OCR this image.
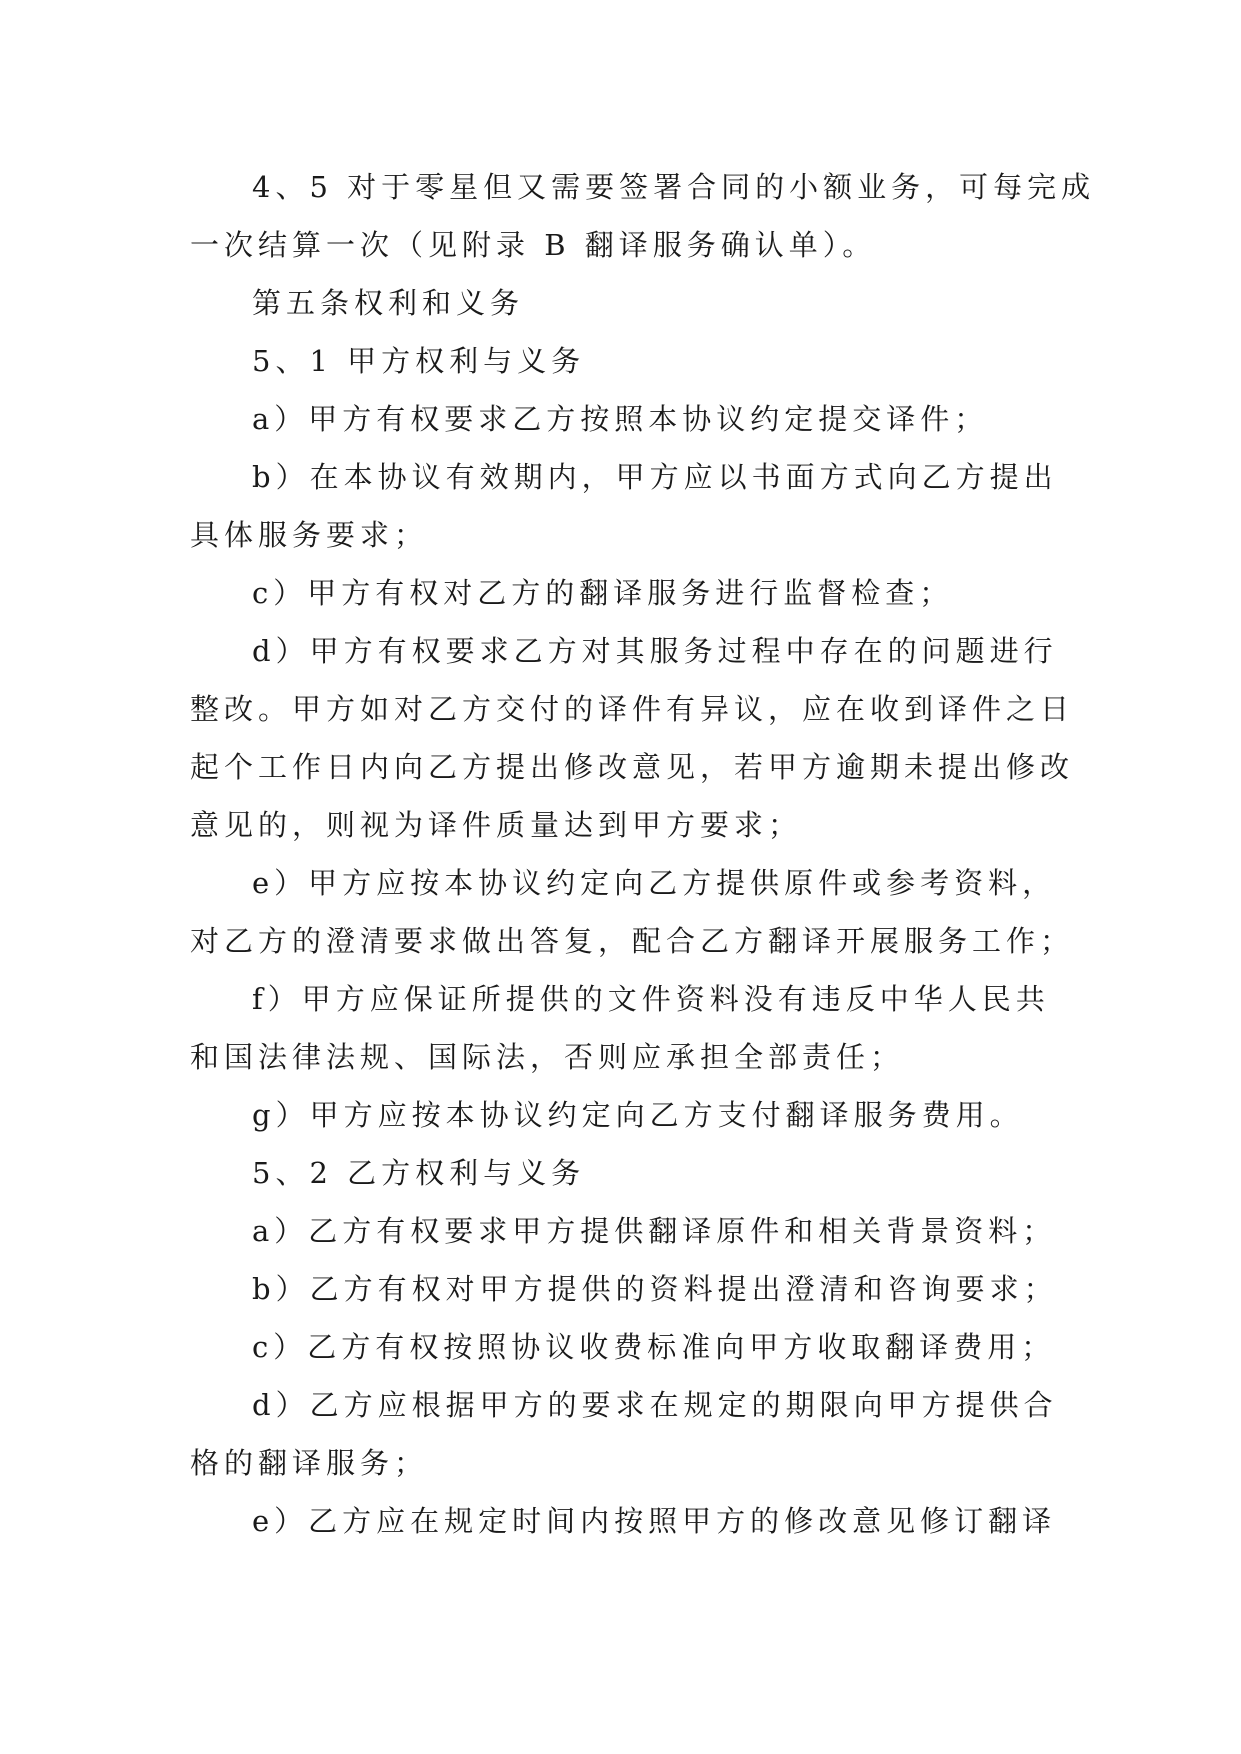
4、5 对于零星但又需要签署合同的小额业务，可每完成
一次结算一次（见附录 B 翻译服务确认单）。

第五条权利和义务

5、1 甲方权利与义务

a）甲方有权要求乙方按照本协议约定提交译件；

b）在本协议有效期内，甲方应以书面方式向乙方提出
具体服务要求；

c）甲方有权对乙方的翻译服务进行监督检查；

d）甲方有权要求乙方对其服务过程中存在的问题进行
整改。甲方如对乙方交付的译件有异议，应在收到译件之日
起个工作日内向乙方提出修改意见，若甲方逾期未提出修改
意见的，则视为译件质量达到甲方要求；

e）甲方应按本协议约定向乙方提供原件或参考资料，
对乙方的澄清要求做出答复，配合乙方翻译开展服务工作；

f）甲方应保证所提供的文件资料没有违反中华人民共
和国法律法规、国际法，否则应承担全部责任；

g）甲方应按本协议约定向乙方支付翻译服务费用。

5、2 乙方权利与义务

a）乙方有权要求甲方提供翻译原件和相关背景资料；

b）乙方有权对甲方提供的资料提出澄清和咨询要求；

c）乙方有权按照协议收费标准向甲方收取翻译费用；

d）乙方应根据甲方的要求在规定的期限向甲方提供合
格的翻译服务；

e）乙方应在规定时间内按照甲方的修改意见修订翻译
